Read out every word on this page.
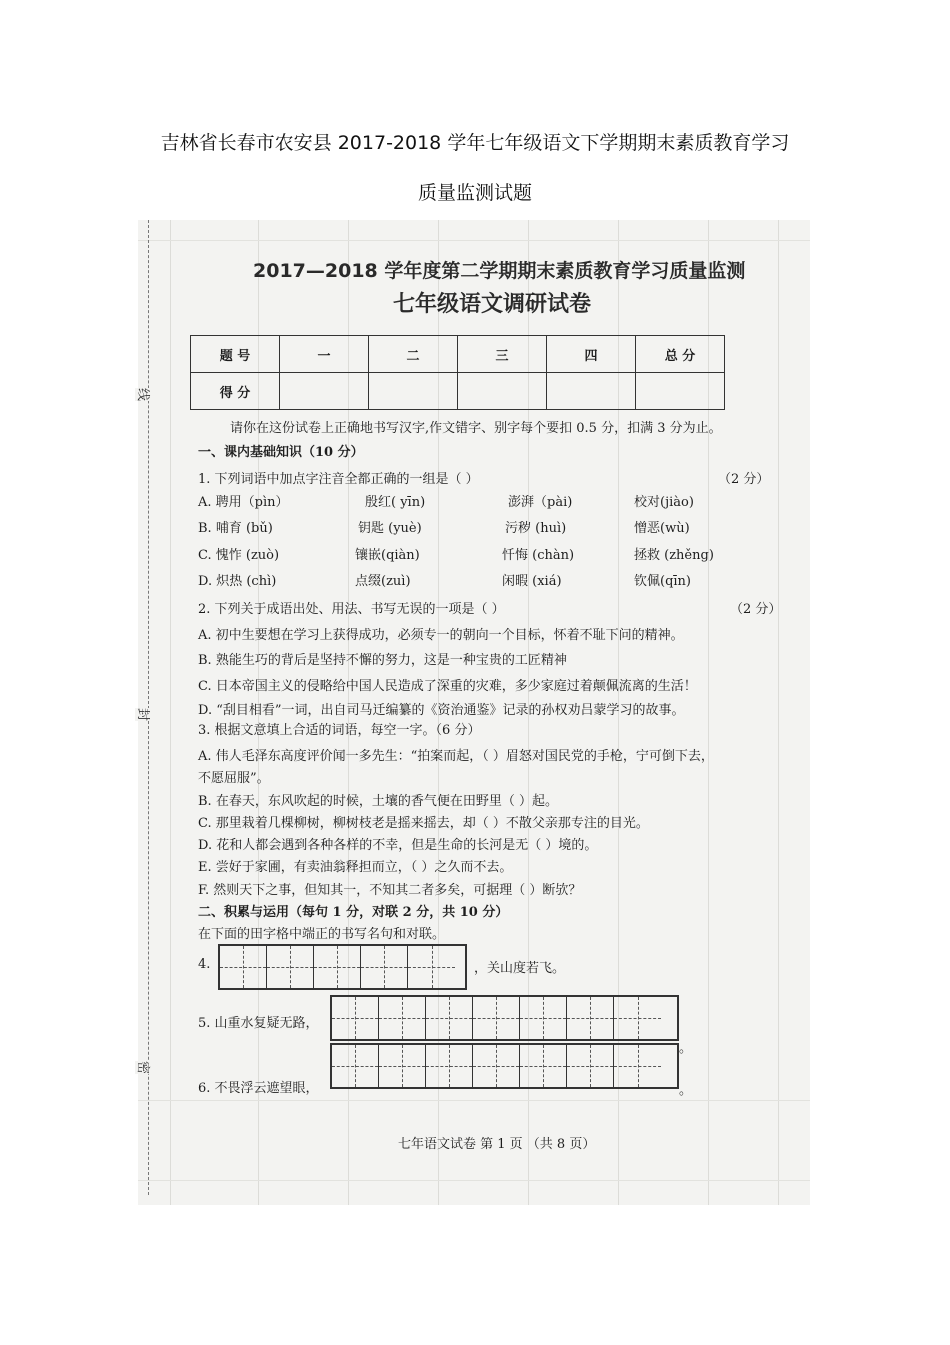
吉林省长春市农安县 2017-2018 学年七年级语文下学期期末素质教育学习
质量监测试题
线
封
密
2017—2018 学年度第二学期期末素质教育学习质量监测
七年级语文调研试卷
题 号	一	二	三	四	总 分
得 分					
请你在这份试卷上正确地书写汉字,作文错字、别字每个要扣 0.5 分，扣满 3 分为止。
一、课内基础知识（10 分）
1. 下列词语中加点字注音全都正确的一组是（ ）	（2 分）
A. 聘用（pìn）	殷红( yīn)	澎湃（pài)	校对(jiào)
B. 哺育 (bǔ)	钥匙 (yuè)	污秽 (huì)	憎恶(wù)
C. 愧怍 (zuò)	镶嵌(qiàn)	忏悔 (chàn)	拯救 (zhěng)
D. 炽热 (chì)	点缀(zuì)	闲暇 (xiá)	钦佩(qīn)
2. 下列关于成语出处、用法、书写无误的一项是（ ）	（2 分）
A. 初中生要想在学习上获得成功，必须专一的朝向一个目标，怀着不耻下问的精神。
B. 熟能生巧的背后是坚持不懈的努力，这是一种宝贵的工匠精神
C. 日本帝国主义的侵略给中国人民造成了深重的灾难，多少家庭过着颠佩流离的生活！
D. “刮目相看”一词，出自司马迁编纂的《资治通鉴》记录的孙权劝吕蒙学习的故事。
3. 根据文意填上合适的词语，每空一字。（6 分）
A. 伟人毛泽东高度评价闻一多先生：“拍案而起，（ ）眉怒对国民党的手枪，宁可倒下去，
不愿屈服”。
B. 在春天，东风吹起的时候，土壤的香气便在田野里（ ）起。
C. 那里栽着几棵柳树，柳树枝老是摇来摇去，却（ ）不散父亲那专注的目光。
D. 花和人都会遇到各种各样的不幸，但是生命的长河是无（ ）境的。
E. 尝好于家圃，有卖油翁释担而立，（ ）之久而不去。
F. 然则天下之事，但知其一，不知其二者多矣，可据理（ ）断欤？
二、积累与运用（每句 1 分，对联 2 分，共 10 分）
在下面的田字格中端正的书写名句和对联。
4.	，关山度若飞。
5. 山重水复疑无路，
。
6. 不畏浮云遮望眼，	。
七年语文试卷 第 1 页 （共 8 页）
